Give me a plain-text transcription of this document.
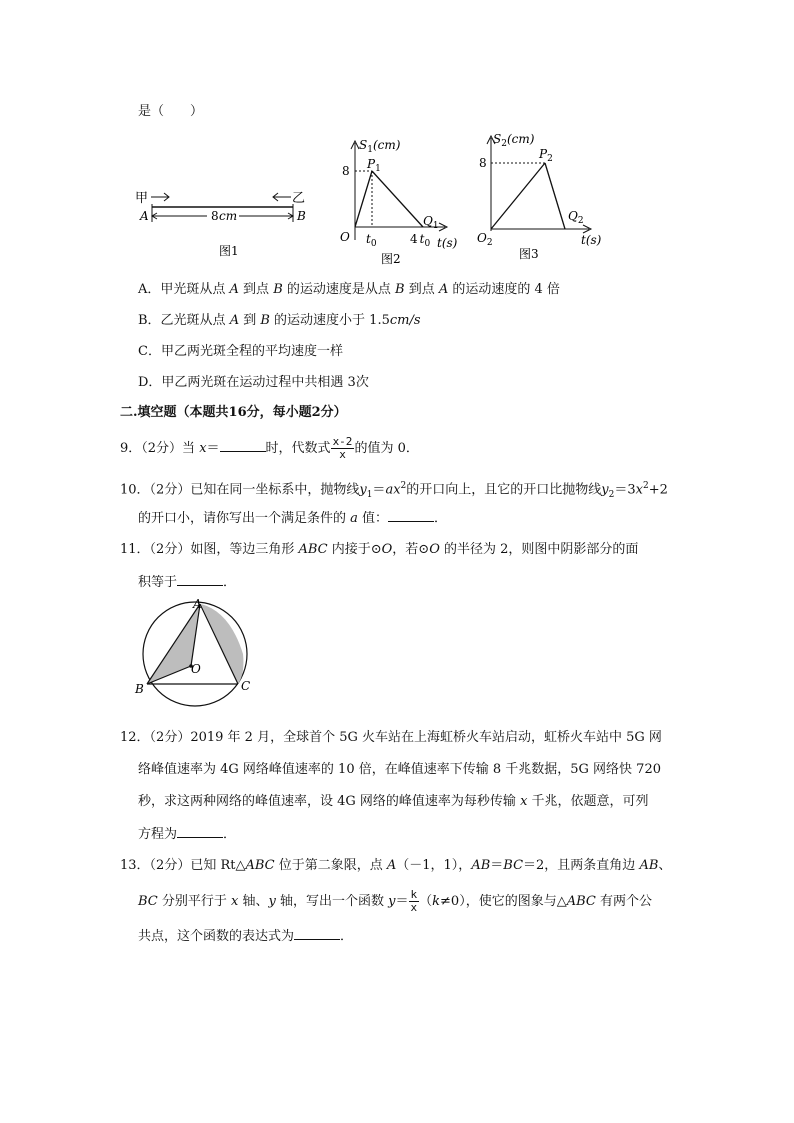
是（　　）
甲	乙
A	8 cm	B
图1
$S_1(cm)$
$P_1$
8
$Q_1$
O $t_0$	4 $t_0$ t(s)
图2
$S_2(cm)$
8
$P_2$
$Q_2$
$O_2$	t(s)
图3
A．甲光斑从点 A 到点 B 的运动速度是从点 B 到点 A 的运动速度的 4 倍
B．乙光斑从点 A 到 B 的运动速度小于 1.5cm/s
C．甲乙两光斑全程的平均速度一样
D．甲乙两光斑在运动过程中共相遇 3次
二.填空题（本题共16分，每小题2分）
9．（2分）当 x＝	时，代数式 $\frac{x-2}{x}$ 的值为 0．
10．（2分）已知在同一坐标系中，抛物线$y_1=ax^2$的开口向上，且它的开口比抛物线$y_2=3x^2+2$
的开口小，请你写出一个满足条件的 a 值：	．
11．（2分）如图，等边三角形 ABC 内接于⊙O，若⊙O 的半径为 2，则图中阴影部分的面
积等于	．
A
O
B	C
12．（2分）2019 年 2 月，全球首个 5G 火车站在上海虹桥火车站启动，虹桥火车站中 5G 网
络峰值速率为 4G 网络峰值速率的 10 倍，在峰值速率下传输 8 千兆数据，5G 网络快 720
秒，求这两种网络的峰值速率，设 4G 网络的峰值速率为每秒传输 x 千兆，依题意，可列
方程为	．
13．（2分）已知 Rt△ABC 位于第二象限，点 A（－1，1），AB＝BC＝2，且两条直角边 AB、
BC 分别平行于 x 轴、y 轴，写出一个函数 $y= \frac{k}{x} (k\ne 0)$，使它的图象与△ABC 有两个公
共点，这个函数的表达式为	．
